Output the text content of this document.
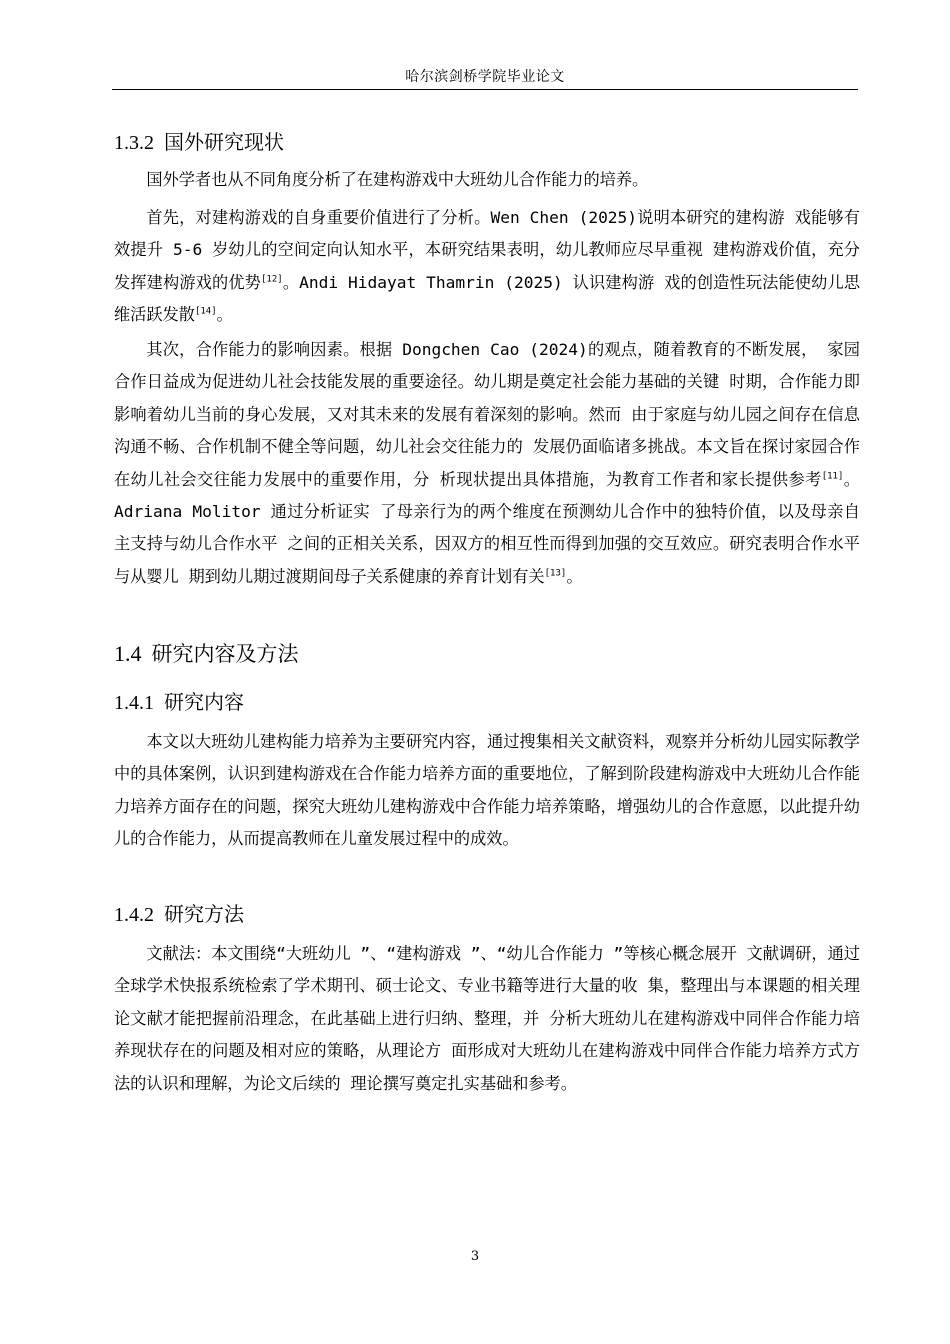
哈尔滨剑桥学院毕业论文
1.3.2 国外研究现状
国外学者也从不同角度分析了在建构游戏中大班幼儿合作能力的培养。
首先，对建构游戏的自身重要价值进行了分析。Wen Chen (2025)说明本研究的建构游 戏能够有效提升 5-6 岁幼儿的空间定向认知水平，本研究结果表明，幼儿教师应尽早重视 建构游戏价值，充分发挥建构游戏的优势[12]。Andi Hidayat Thamrin (2025) 认识建构游 戏的创造性玩法能使幼儿思维活跃发散[14]。
其次，合作能力的影响因素。根据 Dongchen Cao (2024)的观点，随着教育的不断发展， 家园合作日益成为促进幼儿社会技能发展的重要途径。幼儿期是奠定社会能力基础的关键 时期，合作能力即影响着幼儿当前的身心发展，又对其未来的发展有着深刻的影响。然而 由于家庭与幼儿园之间存在信息沟通不畅、合作机制不健全等问题，幼儿社会交往能力的 发展仍面临诸多挑战。本文旨在探讨家园合作在幼儿社会交往能力发展中的重要作用，分 析现状提出具体措施，为教育工作者和家长提供参考[11]。Adriana Molitor 通过分析证实 了母亲行为的两个维度在预测幼儿合作中的独特价值，以及母亲自主支持与幼儿合作水平 之间的正相关关系，因双方的相互性而得到加强的交互效应。研究表明合作水平与从婴儿 期到幼儿期过渡期间母子关系健康的养育计划有关[13]。
1.4 研究内容及方法
1.4.1 研究内容
本文以大班幼儿建构能力培养为主要研究内容，通过搜集相关文献资料，观察并分析幼儿园实际教学中的具体案例，认识到建构游戏在合作能力培养方面的重要地位，了解到阶段建构游戏中大班幼儿合作能力培养方面存在的问题，探究大班幼儿建构游戏中合作能力培养策略，增强幼儿的合作意愿，以此提升幼儿的合作能力，从而提高教师在儿童发展过程中的成效。
1.4.2 研究方法
文献法：本文围绕“大班幼儿 ”、“建构游戏 ”、“幼儿合作能力 ”等核心概念展开 文献调研，通过全球学术快报系统检索了学术期刊、硕士论文、专业书籍等进行大量的收 集，整理出与本课题的相关理论文献才能把握前沿理念，在此基础上进行归纳、整理，并 分析大班幼儿在建构游戏中同伴合作能力培养现状存在的问题及相对应的策略，从理论方 面形成对大班幼儿在建构游戏中同伴合作能力培养方式方法的认识和理解，为论文后续的 理论撰写奠定扎实基础和参考。
3
